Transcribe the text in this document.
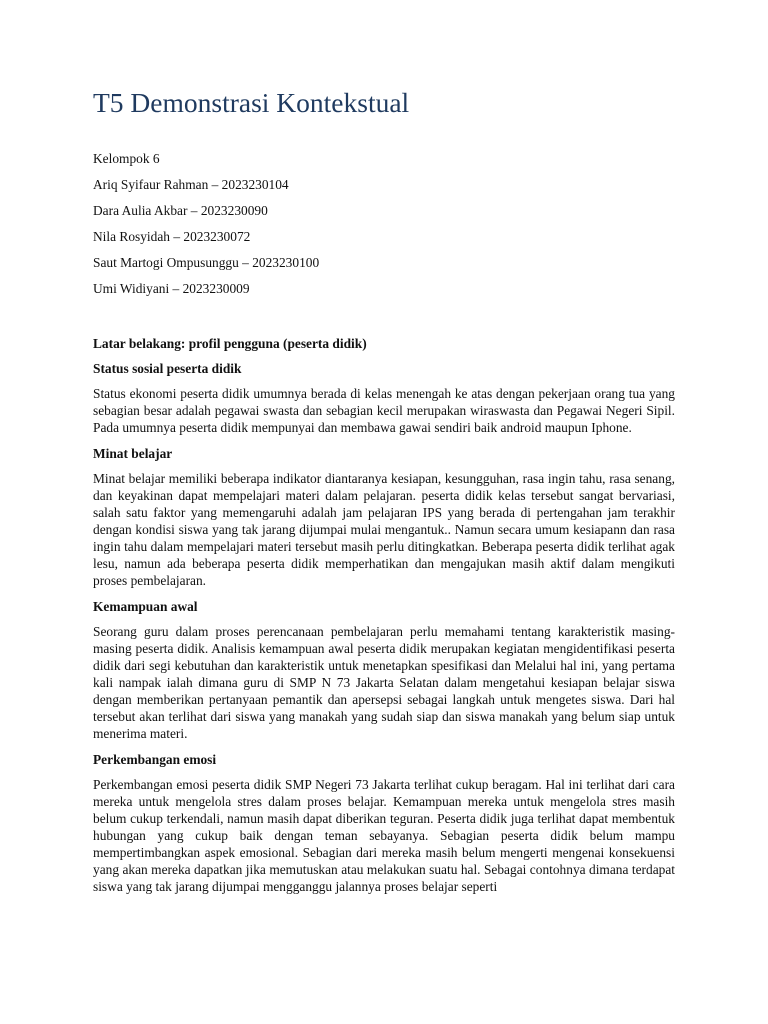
T5 Demonstrasi Kontekstual
Kelompok 6
Ariq Syifaur Rahman – 2023230104
Dara Aulia Akbar – 2023230090
Nila Rosyidah – 2023230072
Saut Martogi Ompusunggu – 2023230100
Umi Widiyani – 2023230009

Latar belakang: profil pengguna (peserta didik)

Status sosial peserta didik

Status ekonomi peserta didik umumnya berada di kelas menengah ke atas dengan pekerjaan orang tua yang sebagian besar adalah pegawai swasta dan sebagian kecil merupakan wiraswasta dan Pegawai Negeri Sipil. Pada umumnya peserta didik mempunyai dan membawa gawai sendiri baik android maupun Iphone.

Minat belajar

Minat belajar memiliki beberapa indikator diantaranya kesiapan, kesungguhan, rasa ingin tahu, rasa senang, dan keyakinan dapat mempelajari materi dalam pelajaran. peserta didik kelas tersebut sangat bervariasi, salah satu faktor yang memengaruhi adalah jam pelajaran IPS yang berada di pertengahan jam terakhir dengan kondisi siswa yang tak jarang dijumpai mulai mengantuk.. Namun secara umum kesiapann dan rasa ingin tahu dalam mempelajari materi tersebut masih perlu ditingkatkan. Beberapa peserta didik terlihat agak lesu, namun ada beberapa peserta didik memperhatikan dan mengajukan masih aktif dalam mengikuti proses pembelajaran.

Kemampuan awal

Seorang guru dalam proses perencanaan pembelajaran perlu memahami tentang karakteristik masing-masing peserta didik. Analisis kemampuan awal peserta didik merupakan kegiatan mengidentifikasi peserta didik dari segi kebutuhan dan karakteristik untuk menetapkan spesifikasi dan Melalui hal ini, yang pertama kali nampak ialah dimana guru di SMP N 73 Jakarta Selatan dalam mengetahui kesiapan belajar siswa dengan memberikan pertanyaan pemantik dan apersepsi sebagai langkah untuk mengetes siswa. Dari hal tersebut akan terlihat dari siswa yang manakah yang sudah siap dan siswa manakah yang belum siap untuk menerima materi.

Perkembangan emosi

Perkembangan emosi peserta didik SMP Negeri 73 Jakarta terlihat cukup beragam. Hal ini terlihat dari cara mereka untuk mengelola stres dalam proses belajar. Kemampuan mereka untuk mengelola stres masih belum cukup terkendali, namun masih dapat diberikan teguran. Peserta didik juga terlihat dapat membentuk hubungan yang cukup baik dengan teman sebayanya. Sebagian peserta didik belum mampu mempertimbangkan aspek emosional. Sebagian dari mereka masih belum mengerti mengenai konsekuensi yang akan mereka dapatkan jika memutuskan atau melakukan suatu hal. Sebagai contohnya dimana terdapat siswa yang tak jarang dijumpai mengganggu jalannya proses belajar seperti
